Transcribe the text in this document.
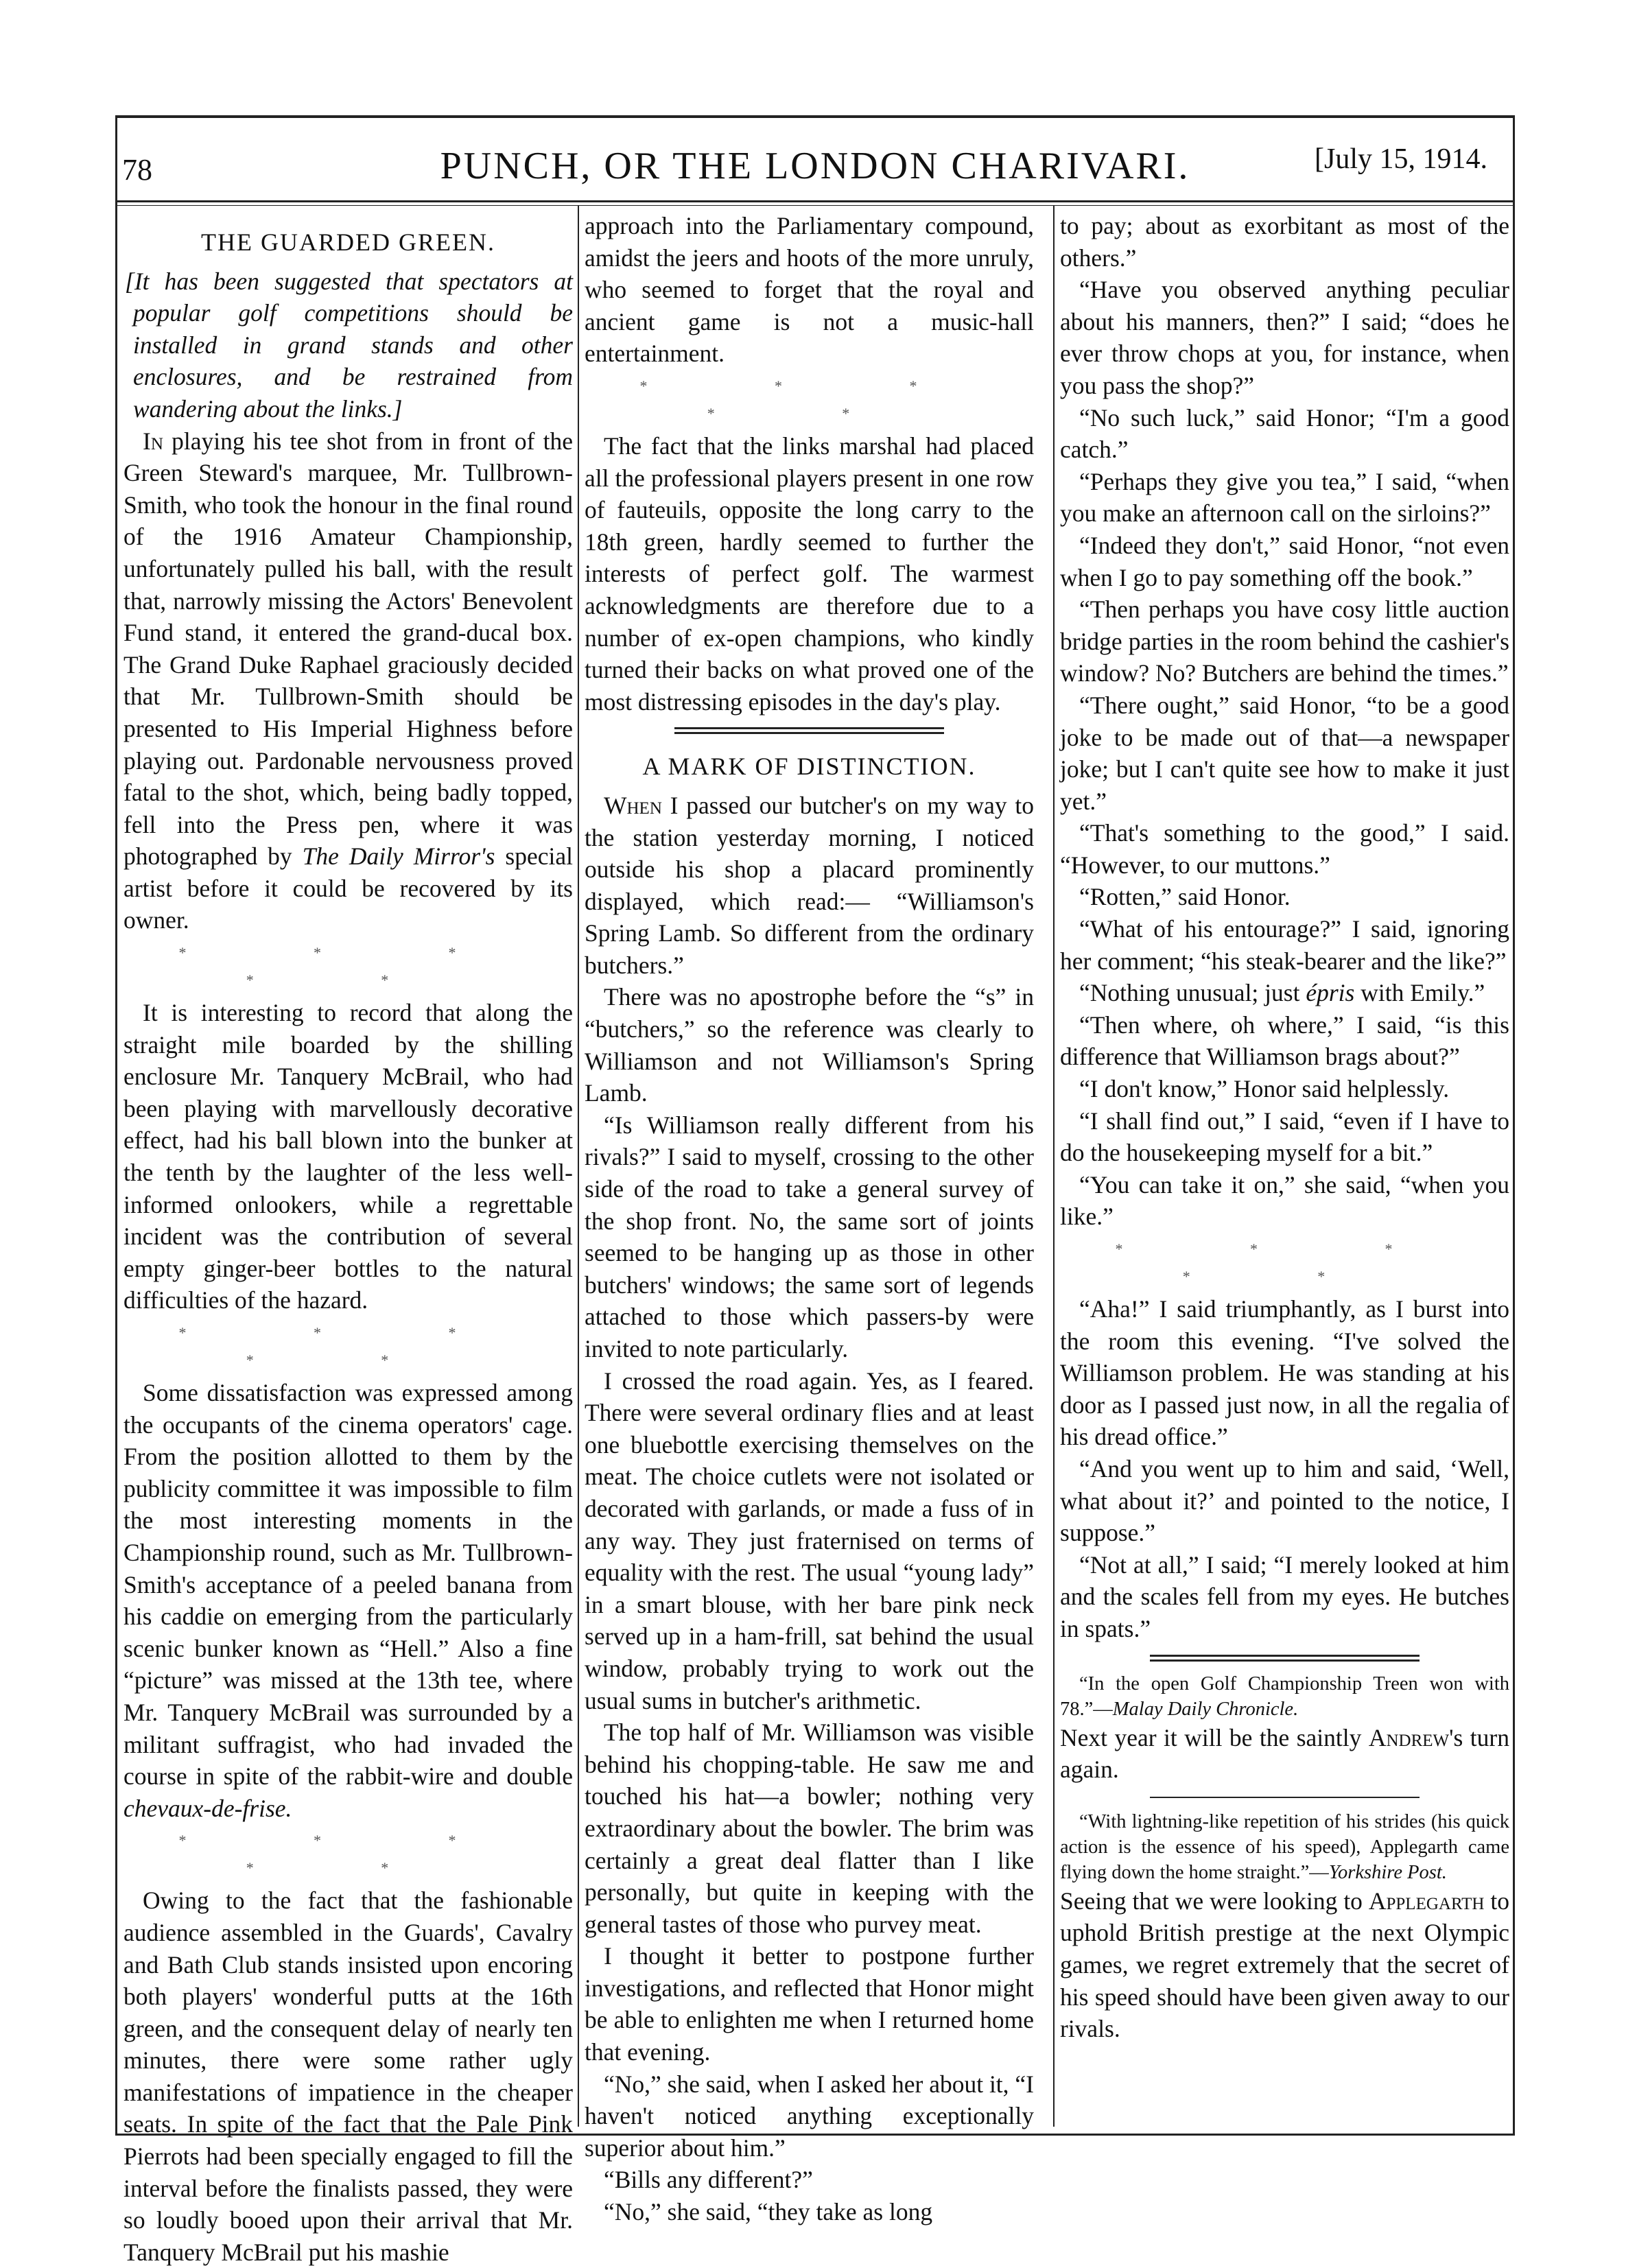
78	PUNCH, OR THE LONDON CHARIVARI.	[July 15, 1914.
THE GUARDED GREEN.

[It has been suggested that spectators at popular golf competitions should be installed in grand stands and other enclosures, and be restrained from wandering about the links.]

In playing his tee shot from in front of the Green Steward's marquee, Mr. Tullbrown-Smith, who took the honour in the final round of the 1916 Amateur Championship, unfortunately pulled his ball, with the result that, narrowly missing the Actors' Benevolent Fund stand, it entered the grand-ducal box. The Grand Duke Raphael graciously decided that Mr. Tullbrown-Smith should be presented to His Imperial Highness before playing out. Pardonable nervousness proved fatal to the shot, which, being badly topped, fell into the Press pen, where it was photographed by The Daily Mirror's special artist before it could be recovered by its owner.

* * * * *

It is interesting to record that along the straight mile boarded by the shilling enclosure Mr. Tanquery McBrail, who had been playing with marvellously decorative effect, had his ball blown into the bunker at the tenth by the laughter of the less well-informed onlookers, while a regrettable incident was the contribution of several empty ginger-beer bottles to the natural difficulties of the hazard.

* * * * *

Some dissatisfaction was expressed among the occupants of the cinema operators' cage. From the position allotted to them by the publicity committee it was impossible to film the most interesting moments in the Championship round, such as Mr. Tullbrown-Smith's acceptance of a peeled banana from his caddie on emerging from the particularly scenic bunker known as “Hell.” Also a fine “picture” was missed at the 13th tee, where Mr. Tanquery McBrail was surrounded by a militant suffragist, who had invaded the course in spite of the rabbit-wire and double chevaux-de-frise.

* * * * *

Owing to the fact that the fashionable audience assembled in the Guards', Cavalry and Bath Club stands insisted upon encoring both players' wonderful putts at the 16th green, and the consequent delay of nearly ten minutes, there were some rather ugly manifestations of impatience in the cheaper seats. In spite of the fact that the Pale Pink Pierrots had been specially engaged to fill the interval before the finalists passed, they were so loudly booed upon their arrival that Mr. Tanquery McBrail put his mashie

approach into the Parliamentary compound, amidst the jeers and hoots of the more unruly, who seemed to forget that the royal and ancient game is not a music-hall entertainment.

* * * * *

The fact that the links marshal had placed all the professional players present in one row of fauteuils, opposite the long carry to the 18th green, hardly seemed to further the interests of perfect golf. The warmest acknowledgments are therefore due to a number of ex-open champions, who kindly turned their backs on what proved one of the most distressing episodes in the day's play.

A MARK OF DISTINCTION.

When I passed our butcher's on my way to the station yesterday morning, I noticed outside his shop a placard prominently displayed, which read:— “Williamson's Spring Lamb. So different from the ordinary butchers.”

There was no apostrophe before the “s” in “butchers,” so the reference was clearly to Williamson and not Williamson's Spring Lamb.

“Is Williamson really different from his rivals?” I said to myself, crossing to the other side of the road to take a general survey of the shop front. No, the same sort of joints seemed to be hanging up as those in other butchers' windows; the same sort of legends attached to those which passers-by were invited to note particularly.

I crossed the road again. Yes, as I feared. There were several ordinary flies and at least one bluebottle exercising themselves on the meat. The choice cutlets were not isolated or decorated with garlands, or made a fuss of in any way. They just fraternised on terms of equality with the rest. The usual “young lady” in a smart blouse, with her bare pink neck served up in a ham-frill, sat behind the usual window, probably trying to work out the usual sums in butcher's arithmetic.

The top half of Mr. Williamson was visible behind his chopping-table. He saw me and touched his hat—a bowler; nothing very extraordinary about the bowler. The brim was certainly a great deal flatter than I like personally, but quite in keeping with the general tastes of those who purvey meat.

I thought it better to postpone further investigations, and reflected that Honor might be able to enlighten me when I returned home that evening.

“No,” she said, when I asked her about it, “I haven't noticed anything exceptionally superior about him.”

“Bills any different?”

“No,” she said, “they take as long

to pay; about as exorbitant as most of the others.”

“Have you observed anything peculiar about his manners, then?” I said; “does he ever throw chops at you, for instance, when you pass the shop?”

“No such luck,” said Honor; “I'm a good catch.”

“Perhaps they give you tea,” I said, “when you make an afternoon call on the sirloins?”

“Indeed they don't,” said Honor, “not even when I go to pay something off the book.”

“Then perhaps you have cosy little auction bridge parties in the room behind the cashier's window? No? Butchers are behind the times.”

“There ought,” said Honor, “to be a good joke to be made out of that—a newspaper joke; but I can't quite see how to make it just yet.”

“That's something to the good,” I said. “However, to our muttons.”

“Rotten,” said Honor.

“What of his entourage?” I said, ignoring her comment; “his steak-bearer and the like?”

“Nothing unusual; just épris with Emily.”

“Then where, oh where,” I said, “is this difference that Williamson brags about?”

“I don't know,” Honor said helplessly.

“I shall find out,” I said, “even if I have to do the housekeeping myself for a bit.”

“You can take it on,” she said, “when you like.”

* * * * *

“Aha!” I said triumphantly, as I burst into the room this evening. “I've solved the Williamson problem. He was standing at his door as I passed just now, in all the regalia of his dread office.”

“And you went up to him and said, ‘Well, what about it?’ and pointed to the notice, I suppose.”

“Not at all,” I said; “I merely looked at him and the scales fell from my eyes. He butches in spats.”

“In the open Golf Championship Treen won with 78.”—Malay Daily Chronicle.

Next year it will be the saintly Andrew's turn again.

“With lightning-like repetition of his strides (his quick action is the essence of his speed), Applegarth came flying down the home straight.”—Yorkshire Post.

Seeing that we were looking to Applegarth to uphold British prestige at the next Olympic games, we regret extremely that the secret of his speed should have been given away to our rivals.
